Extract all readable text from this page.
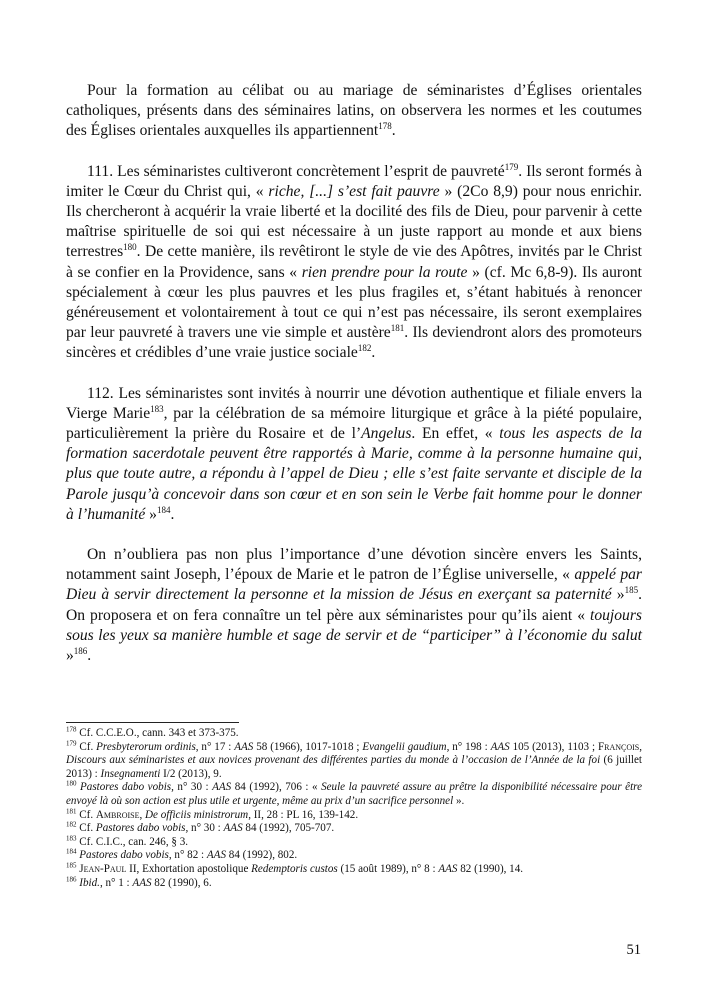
Pour la formation au célibat ou au mariage de séminaristes d’Églises orientales catholiques, présents dans des séminaires latins, on observera les normes et les coutumes des Églises orientales auxquelles ils appartiennent$^{178}$.

111. Les séminaristes cultiveront concrètement l’esprit de pauvreté$^{179}$. Ils seront formés à imiter le Cœur du Christ qui, « riche, [...] s’est fait pauvre » (2Co 8,9) pour nous enrichir. Ils chercheront à acquérir la vraie liberté et la docilité des fils de Dieu, pour parvenir à cette maîtrise spirituelle de soi qui est nécessaire à un juste rapport au monde et aux biens terrestres$^{180}$. De cette manière, ils revêtiront le style de vie des Apôtres, invités par le Christ à se confier en la Providence, sans « rien prendre pour la route » (cf. Mc 6,8-9). Ils auront spécialement à cœur les plus pauvres et les plus fragiles et, s’étant habitués à renoncer généreusement et volontairement à tout ce qui n’est pas nécessaire, ils seront exemplaires par leur pauvreté à travers une vie simple et austère$^{181}$. Ils deviendront alors des promoteurs sincères et crédibles d’une vraie justice sociale$^{182}$.

112. Les séminaristes sont invités à nourrir une dévotion authentique et filiale envers la Vierge Marie$^{183}$, par la célébration de sa mémoire liturgique et grâce à la piété populaire, particulièrement la prière du Rosaire et de l’Angelus. En effet, « tous les aspects de la formation sacerdotale peuvent être rapportés à Marie, comme à la personne humaine qui, plus que toute autre, a répondu à l’appel de Dieu ; elle s’est faite servante et disciple de la Parole jusqu’à concevoir dans son cœur et en son sein le Verbe fait homme pour le donner à l’humanité »$^{184}$.

On n’oubliera pas non plus l’importance d’une dévotion sincère envers les Saints, notamment saint Joseph, l’époux de Marie et le patron de l’Église universelle, « appelé par Dieu à servir directement la personne et la mission de Jésus en exerçant sa paternité »$^{185}$. On proposera et on fera connaître un tel père aux séminaristes pour qu’ils aient « toujours sous les yeux sa manière humble et sage de servir et de “participer” à l’économie du salut »$^{186}$.

$^{178}$ Cf. C.C.E.O., cann. 343 et 373-375.

$^{179}$ Cf. Presbyterorum ordinis, n° 17 : AAS 58 (1966), 1017-1018 ; Evangelii gaudium, n° 198 : AAS 105 (2013), 1103 ; François, Discours aux séminaristes et aux novices provenant des différentes parties du monde à l’occasion de l’Année de la foi (6 juillet 2013) : Insegnamenti I/2 (2013), 9.

$^{180}$ Pastores dabo vobis, n° 30 : AAS 84 (1992), 706 : « Seule la pauvreté assure au prêtre la disponibilité nécessaire pour être envoyé là où son action est plus utile et urgente, même au prix d’un sacrifice personnel ».

$^{181}$ Cf. Ambroise, De officiis ministrorum, II, 28 : PL 16, 139-142.

$^{182}$ Cf. Pastores dabo vobis, n° 30 : AAS 84 (1992), 705-707.

$^{183}$ Cf. C.I.C., can. 246, § 3.

$^{184}$ Pastores dabo vobis, n° 82 : AAS 84 (1992), 802.

$^{185}$ Jean-Paul II, Exhortation apostolique Redemptoris custos (15 août 1989), n° 8 : AAS 82 (1990), 14.

$^{186}$ Ibid., n° 1 : AAS 82 (1990), 6.

51
